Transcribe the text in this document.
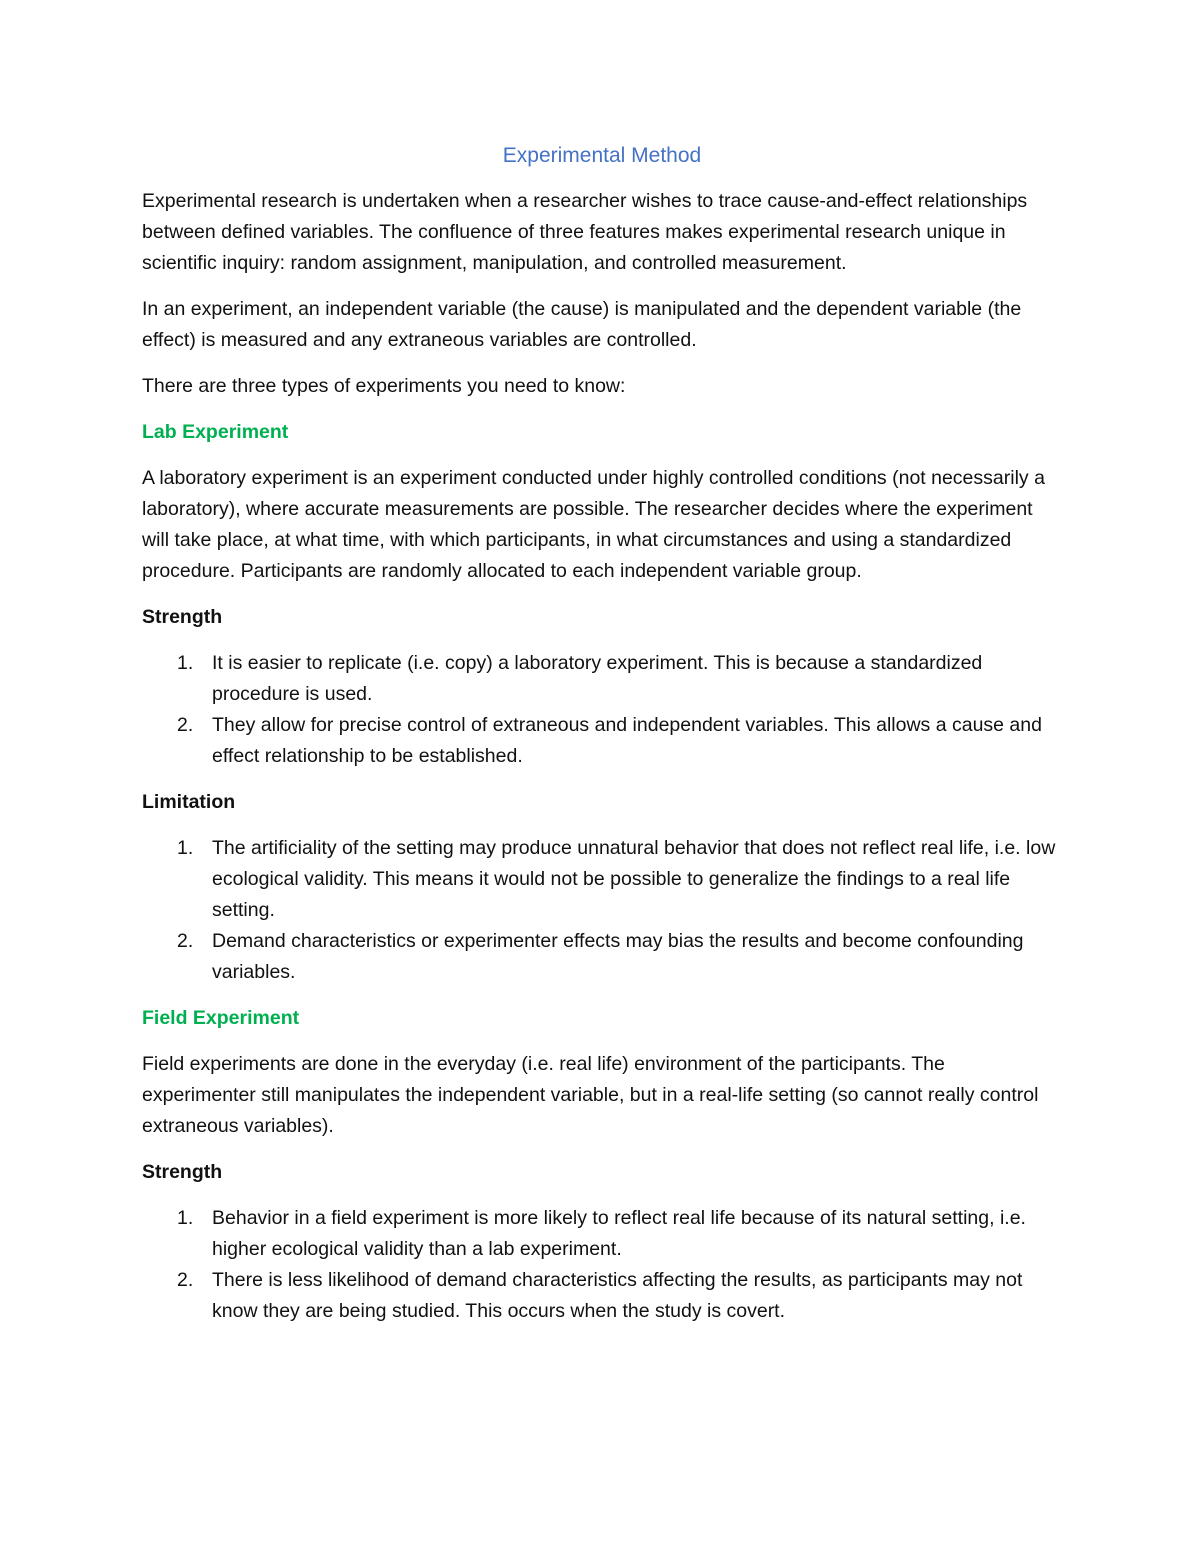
Experimental Method

Experimental research is undertaken when a researcher wishes to trace cause-and-effect relationships between defined variables. The confluence of three features makes experimental research unique in scientific inquiry: random assignment, manipulation, and controlled measurement.

In an experiment, an independent variable (the cause) is manipulated and the dependent variable (the effect) is measured and any extraneous variables are controlled.

There are three types of experiments you need to know:

Lab Experiment

A laboratory experiment is an experiment conducted under highly controlled conditions (not necessarily a laboratory), where accurate measurements are possible. The researcher decides where the experiment will take place, at what time, with which participants, in what circumstances and using a standardized procedure. Participants are randomly allocated to each independent variable group.

Strength
1. It is easier to replicate (i.e. copy) a laboratory experiment. This is because a standardized procedure is used.
2. They allow for precise control of extraneous and independent variables. This allows a cause and effect relationship to be established.
Limitation
1. The artificiality of the setting may produce unnatural behavior that does not reflect real life, i.e. low ecological validity. This means it would not be possible to generalize the findings to a real life setting.
2. Demand characteristics or experimenter effects may bias the results and become confounding variables.
Field Experiment

Field experiments are done in the everyday (i.e. real life) environment of the participants. The experimenter still manipulates the independent variable, but in a real-life setting (so cannot really control extraneous variables).

Strength
1. Behavior in a field experiment is more likely to reflect real life because of its natural setting, i.e. higher ecological validity than a lab experiment.
2. There is less likelihood of demand characteristics affecting the results, as participants may not know they are being studied. This occurs when the study is covert.
